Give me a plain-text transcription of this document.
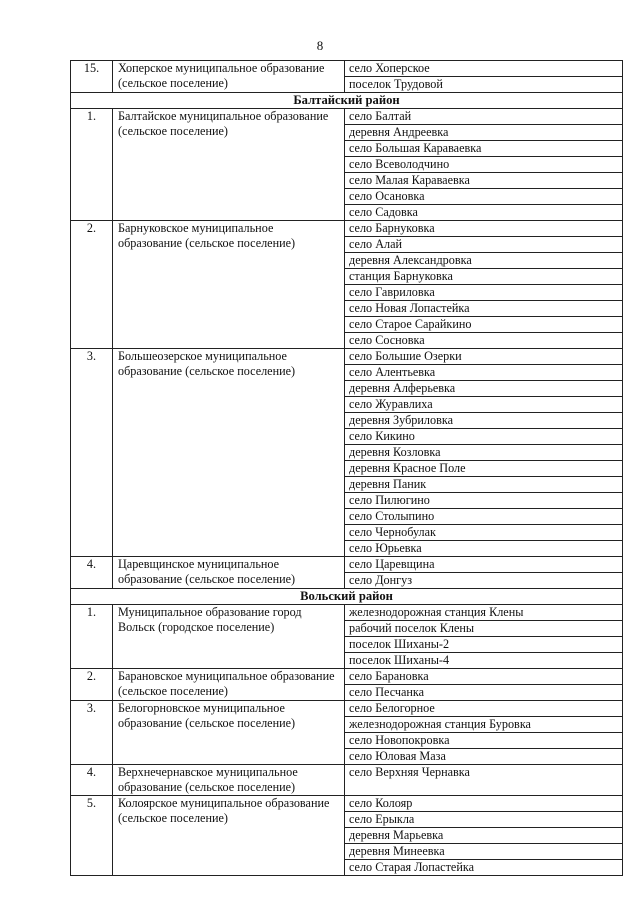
8
15.	Хоперское муниципальное образование (сельское поселение)	село Хоперское
		поселок Трудовой
Балтайский район		
1.	Балтайское муниципальное образование (сельское поселение)	село Балтай
		деревня Андреевка
		село Большая Караваевка
		село Всеволодчино
		село Малая Караваевка
		село Осановка
		село Садовка
2.	Барнуковское муниципальное образование (сельское поселение)	село Барнуковка
		село Алай
		деревня Александровка
		станция Барнуковка
		село Гавриловка
		село Новая Лопастейка
		село Старое Сарайкино
		село Сосновка
3.	Большеозерское муниципальное образование (сельское поселение)	село Большие Озерки
		село Алентьевка
		деревня Алферьевка
		село Журавлиха
		деревня Зубриловка
		село Кикино
		деревня Козловка
		деревня Красное Поле
		деревня Паник
		село Пилюгино
		село Столыпино
		село Чернобулак
		село Юрьевка
4.	Царевщинское муниципальное образование (сельское поселение)	село Царевщина
		село Донгуз
Вольский район		
1.	Муниципальное образование город Вольск (городское поселение)	железнодорожная станция Клены
		рабочий поселок Клены
		поселок Шиханы-2
		поселок Шиханы-4
2.	Барановское муниципальное образование (сельское поселение)	село Барановка
		село Песчанка
3.	Белогорновское муниципальное образование (сельское поселение)	село Белогорное
		железнодорожная станция Буровка
		село Новопокровка
		село Юловая Маза
4.	Верхнечернавское муниципальное образование (сельское поселение)	село Верхняя Чернавка
5.	Колоярское муниципальное образование (сельское поселение)	село Колояр
		село Ерыкла
		деревня Марьевка
		деревня Минеевка
		село Старая Лопастейка
